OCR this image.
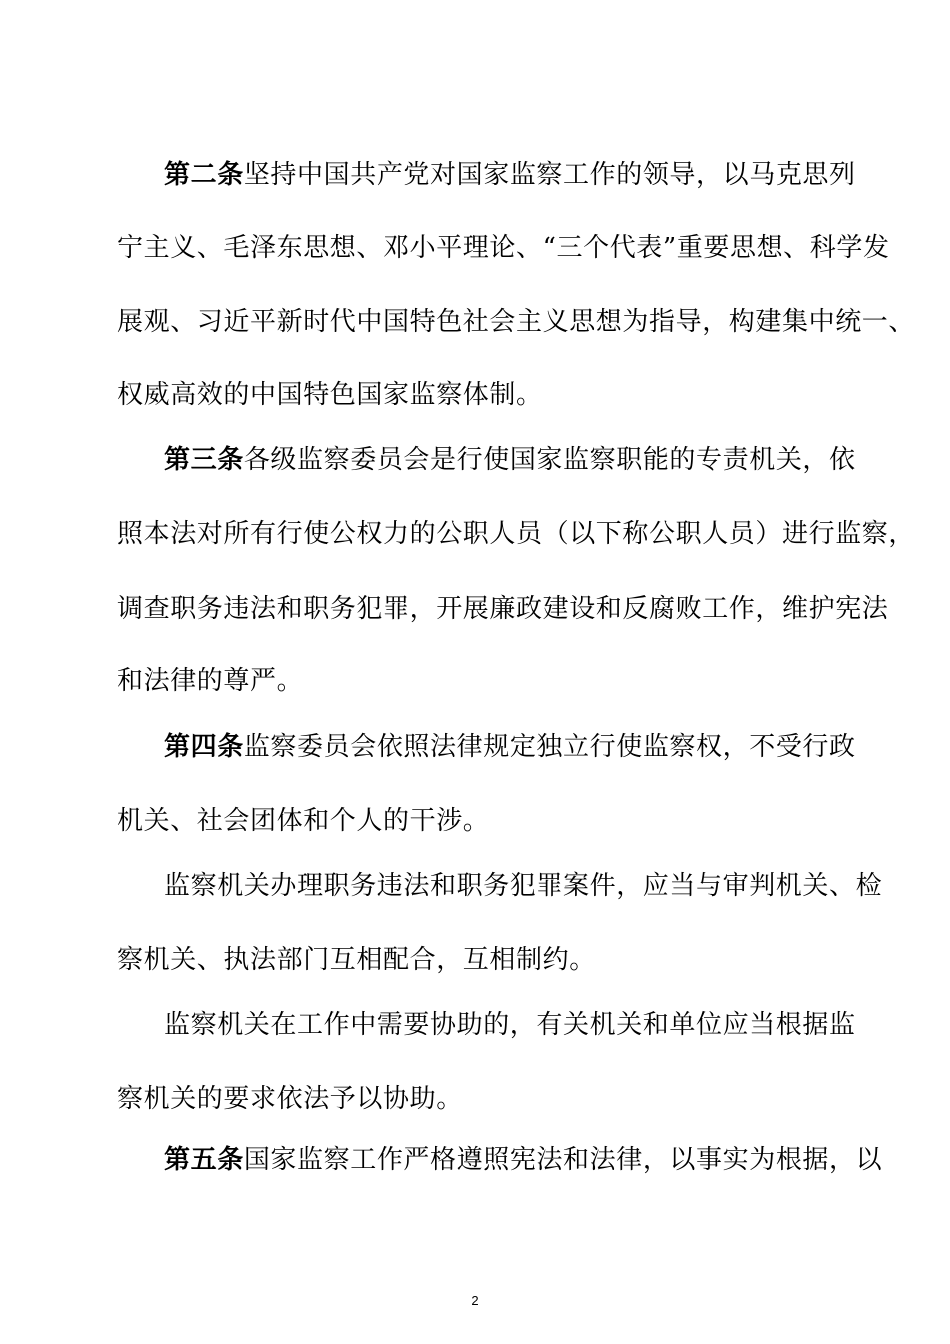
第二条坚持中国共产党对国家监察工作的领导，以马克思列
宁主义、毛泽东思想、邓小平理论、“三个代表”重要思想、科学发
展观、习近平新时代中国特色社会主义思想为指导，构建集中统一、
权威高效的中国特色国家监察体制。
第三条各级监察委员会是行使国家监察职能的专责机关，依
照本法对所有行使公权力的公职人员（以下称公职人员）进行监察，
调查职务违法和职务犯罪，开展廉政建设和反腐败工作，维护宪法
和法律的尊严。
第四条监察委员会依照法律规定独立行使监察权，不受行政
机关、社会团体和个人的干涉。
监察机关办理职务违法和职务犯罪案件，应当与审判机关、检
察机关、执法部门互相配合，互相制约。
监察机关在工作中需要协助的，有关机关和单位应当根据监
察机关的要求依法予以协助。
第五条国家监察工作严格遵照宪法和法律，以事实为根据，以
2
